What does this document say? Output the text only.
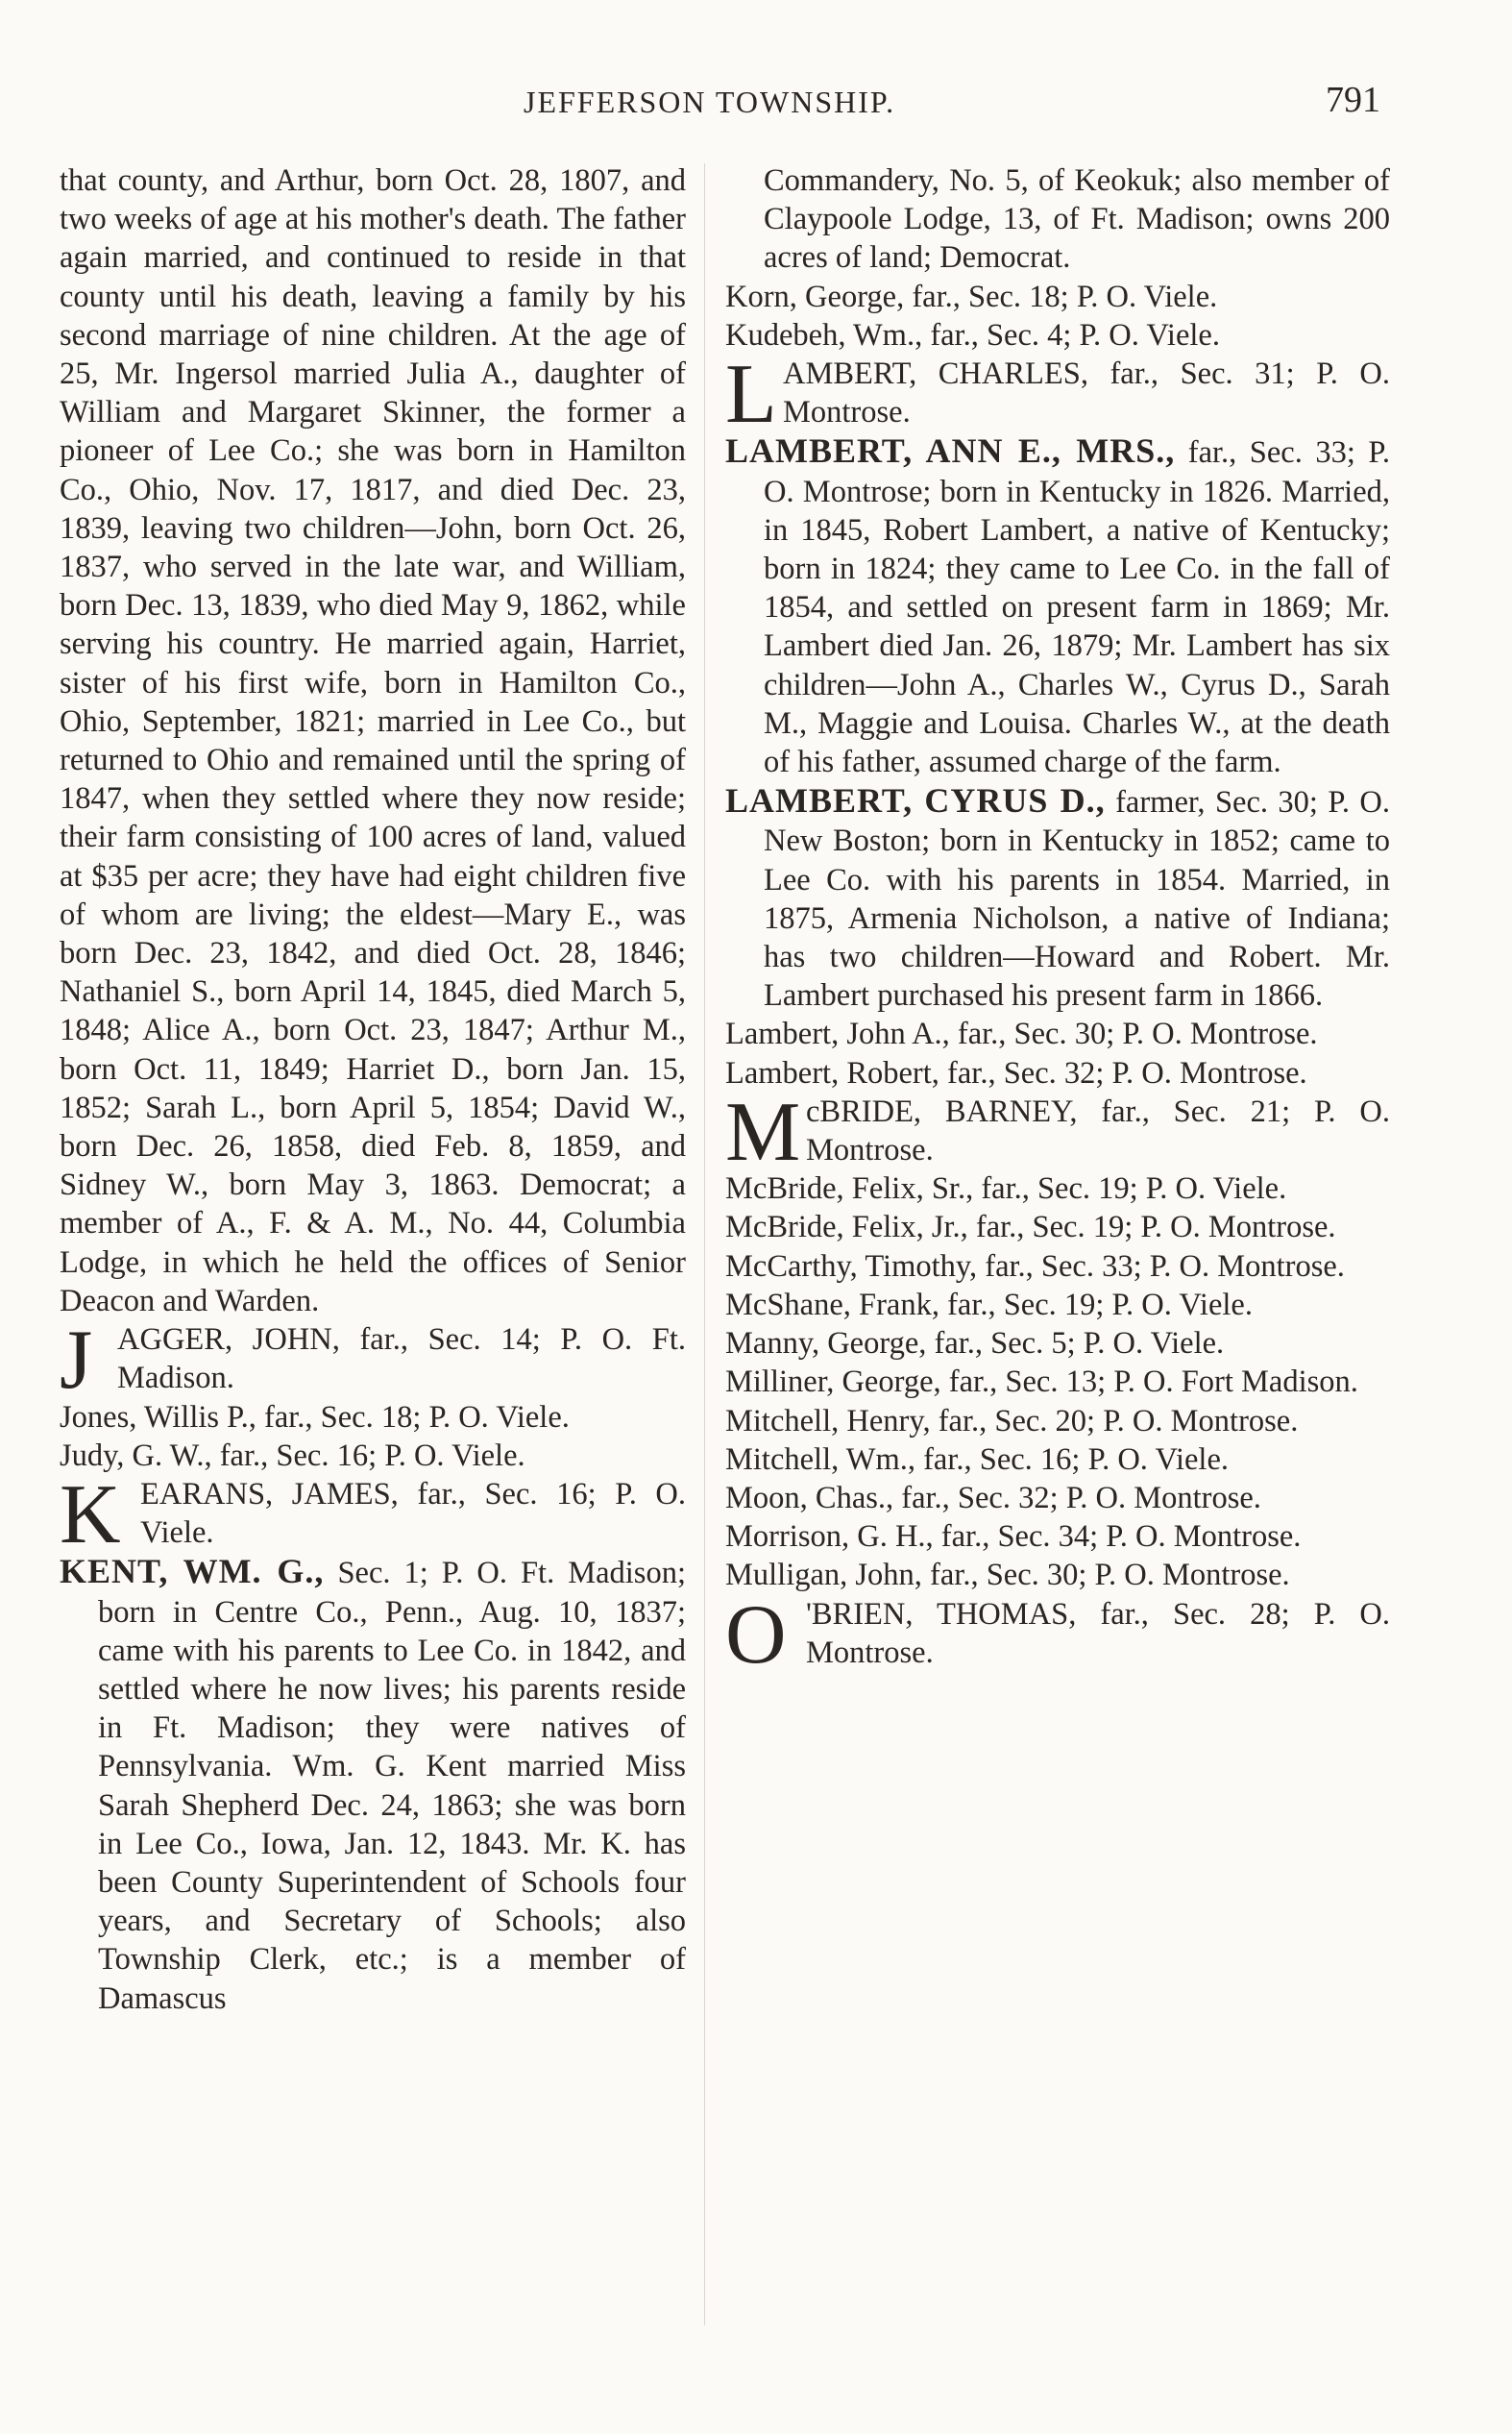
JEFFERSON TOWNSHIP.	791

that county, and Arthur, born Oct. 28, 1807, and two weeks of age at his mother's death. The father again married, and continued to reside in that county until his death, leaving a family by his second marriage of nine children. At the age of 25, Mr. Ingersol married Julia A., daughter of William and Margaret Skinner, the former a pioneer of Lee Co.; she was born in Hamilton Co., Ohio, Nov. 17, 1817, and died Dec. 23, 1839, leaving two children—John, born Oct. 26, 1837, who served in the late war, and William, born Dec. 13, 1839, who died May 9, 1862, while serving his country. He married again, Harriet, sister of his first wife, born in Hamilton Co., Ohio, September, 1821; married in Lee Co., but returned to Ohio and remained until the spring of 1847, when they settled where they now reside; their farm consisting of 100 acres of land, valued at $35 per acre; they have had eight children five of whom are living; the eldest—Mary E., was born Dec. 23, 1842, and died Oct. 28, 1846; Nathaniel S., born April 14, 1845, died March 5, 1848; Alice A., born Oct. 23, 1847; Arthur M., born Oct. 11, 1849; Harriet D., born Jan. 15, 1852; Sarah L., born April 5, 1854; David W., born Dec. 26, 1858, died Feb. 8, 1859, and Sidney W., born May 3, 1863. Democrat; a member of A., F. & A. M., No. 44, Columbia Lodge, in which he held the offices of Senior Deacon and Warden.

J AGGER, JOHN, far., Sec. 14; P. O. Ft. Madison.

Jones, Willis P., far., Sec. 18; P. O. Viele.

Judy, G. W., far., Sec. 16; P. O. Viele.

K EARANS, JAMES, far., Sec. 16; P. O. Viele.

KENT, WM. G., Sec. 1; P. O. Ft. Madison; born in Centre Co., Penn., Aug. 10, 1837; came with his parents to Lee Co. in 1842, and settled where he now lives; his parents reside in Ft. Madison; they were natives of Pennsylvania. Wm. G. Kent married Miss Sarah Shepherd Dec. 24, 1863; she was born in Lee Co., Iowa, Jan. 12, 1843. Mr. K. has been County Superintendent of Schools four years, and Secretary of Schools; also Township Clerk, etc.; is a member of Damascus

Commandery, No. 5, of Keokuk; also member of Claypoole Lodge, 13, of Ft. Madison; owns 200 acres of land; Democrat.

Korn, George, far., Sec. 18; P. O. Viele.

Kudebeh, Wm., far., Sec. 4; P. O. Viele.

L AMBERT, CHARLES, far., Sec. 31; P. O. Montrose.

LAMBERT, ANN E., MRS., far., Sec. 33; P. O. Montrose; born in Kentucky in 1826. Married, in 1845, Robert Lambert, a native of Kentucky; born in 1824; they came to Lee Co. in the fall of 1854, and settled on present farm in 1869; Mr. Lambert died Jan. 26, 1879; Mr. Lambert has six children—John A., Charles W., Cyrus D., Sarah M., Maggie and Louisa. Charles W., at the death of his father, assumed charge of the farm.

LAMBERT, CYRUS D., farmer, Sec. 30; P. O. New Boston; born in Kentucky in 1852; came to Lee Co. with his parents in 1854. Married, in 1875, Armenia Nicholson, a native of Indiana; has two children—Howard and Robert. Mr. Lambert purchased his present farm in 1866.

Lambert, John A., far., Sec. 30; P. O. Montrose.

Lambert, Robert, far., Sec. 32; P. O. Montrose.

M cBRIDE, BARNEY, far., Sec. 21; P. O. Montrose.

McBride, Felix, Sr., far., Sec. 19; P. O. Viele.

McBride, Felix, Jr., far., Sec. 19; P. O. Montrose.

McCarthy, Timothy, far., Sec. 33; P. O. Montrose.

McShane, Frank, far., Sec. 19; P. O. Viele.

Manny, George, far., Sec. 5; P. O. Viele.

Milliner, George, far., Sec. 13; P. O. Fort Madison.

Mitchell, Henry, far., Sec. 20; P. O. Montrose.

Mitchell, Wm., far., Sec. 16; P. O. Viele.

Moon, Chas., far., Sec. 32; P. O. Montrose.

Morrison, G. H., far., Sec. 34; P. O. Montrose.

Mulligan, John, far., Sec. 30; P. O. Montrose.

O 'BRIEN, THOMAS, far., Sec. 28; P. O. Montrose.
